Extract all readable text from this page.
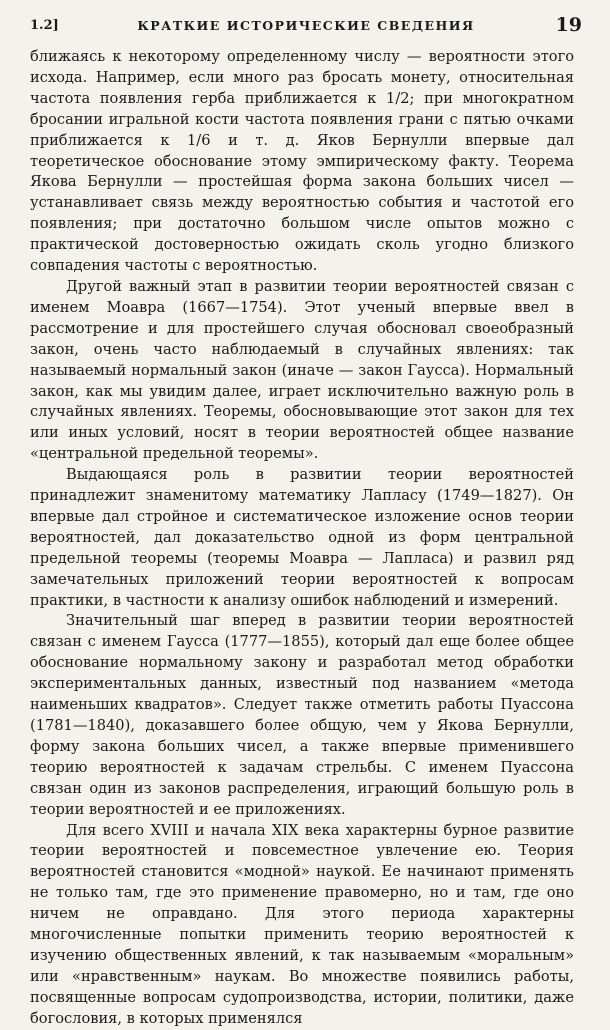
1.2]	КРАТКИЕ ИСТОРИЧЕСКИЕ СВЕДЕНИЯ	19

ближаясь к некоторому определенному числу — вероятности этого исхода. Например, если много раз бросать монету, относительная частота появления герба приближается к 1/2; при многократном бросании игральной кости частота появления грани с пятью очками приближается к 1/6 и т. д. Яков Бернулли впервые дал теоретическое обоснование этому эмпирическому факту. Теорема Якова Бернулли — простейшая форма закона больших чисел — устанавливает связь между вероятностью события и частотой его появления; при достаточно большом числе опытов можно с практической достоверностью ожидать сколь угодно близкого совпадения частоты с вероятностью.

Другой важный этап в развитии теории вероятностей связан с именем Моавра (1667—1754). Этот ученый впервые ввел в рассмотрение и для простейшего случая обосновал своеобразный закон, очень часто наблюдаемый в случайных явлениях: так называемый нормальный закон (иначе — закон Гаусса). Нормальный закон, как мы увидим далее, играет исключительно важную роль в случайных явлениях. Теоремы, обосновывающие этот закон для тех или иных условий, носят в теории вероятностей общее название «центральной предельной теоремы».

Выдающаяся роль в развитии теории вероятностей принадлежит знаменитому математику Лапласу (1749—1827). Он впервые дал стройное и систематическое изложение основ теории вероятностей, дал доказательство одной из форм центральной предельной теоремы (теоремы Моавра — Лапласа) и развил ряд замечательных приложений теории вероятностей к вопросам практики, в частности к анализу ошибок наблюдений и измерений.

Значительный шаг вперед в развитии теории вероятностей связан с именем Гаусса (1777—1855), который дал еще более общее обоснование нормальному закону и разработал метод обработки экспериментальных данных, известный под названием «метода наименьших квадратов». Следует также отметить работы Пуассона (1781—1840), доказавшего более общую, чем у Якова Бернулли, форму закона больших чисел, а также впервые применившего теорию вероятностей к задачам стрельбы. С именем Пуассона связан один из законов распределения, играющий большую роль в теории вероятностей и ее приложениях.

Для всего XVIII и начала XIX века характерны бурное развитие теории вероятностей и повсеместное увлечение ею. Теория вероятностей становится «модной» наукой. Ее начинают применять не только там, где это применение правомерно, но и там, где оно ничем не оправдано. Для этого периода характерны многочисленные попытки применить теорию вероятностей к изучению общественных явлений, к так называемым «моральным» или «нравственным» наукам. Во множестве появились работы, посвященные вопросам судопроизводства, истории, политики, даже богословия, в которых применялся
